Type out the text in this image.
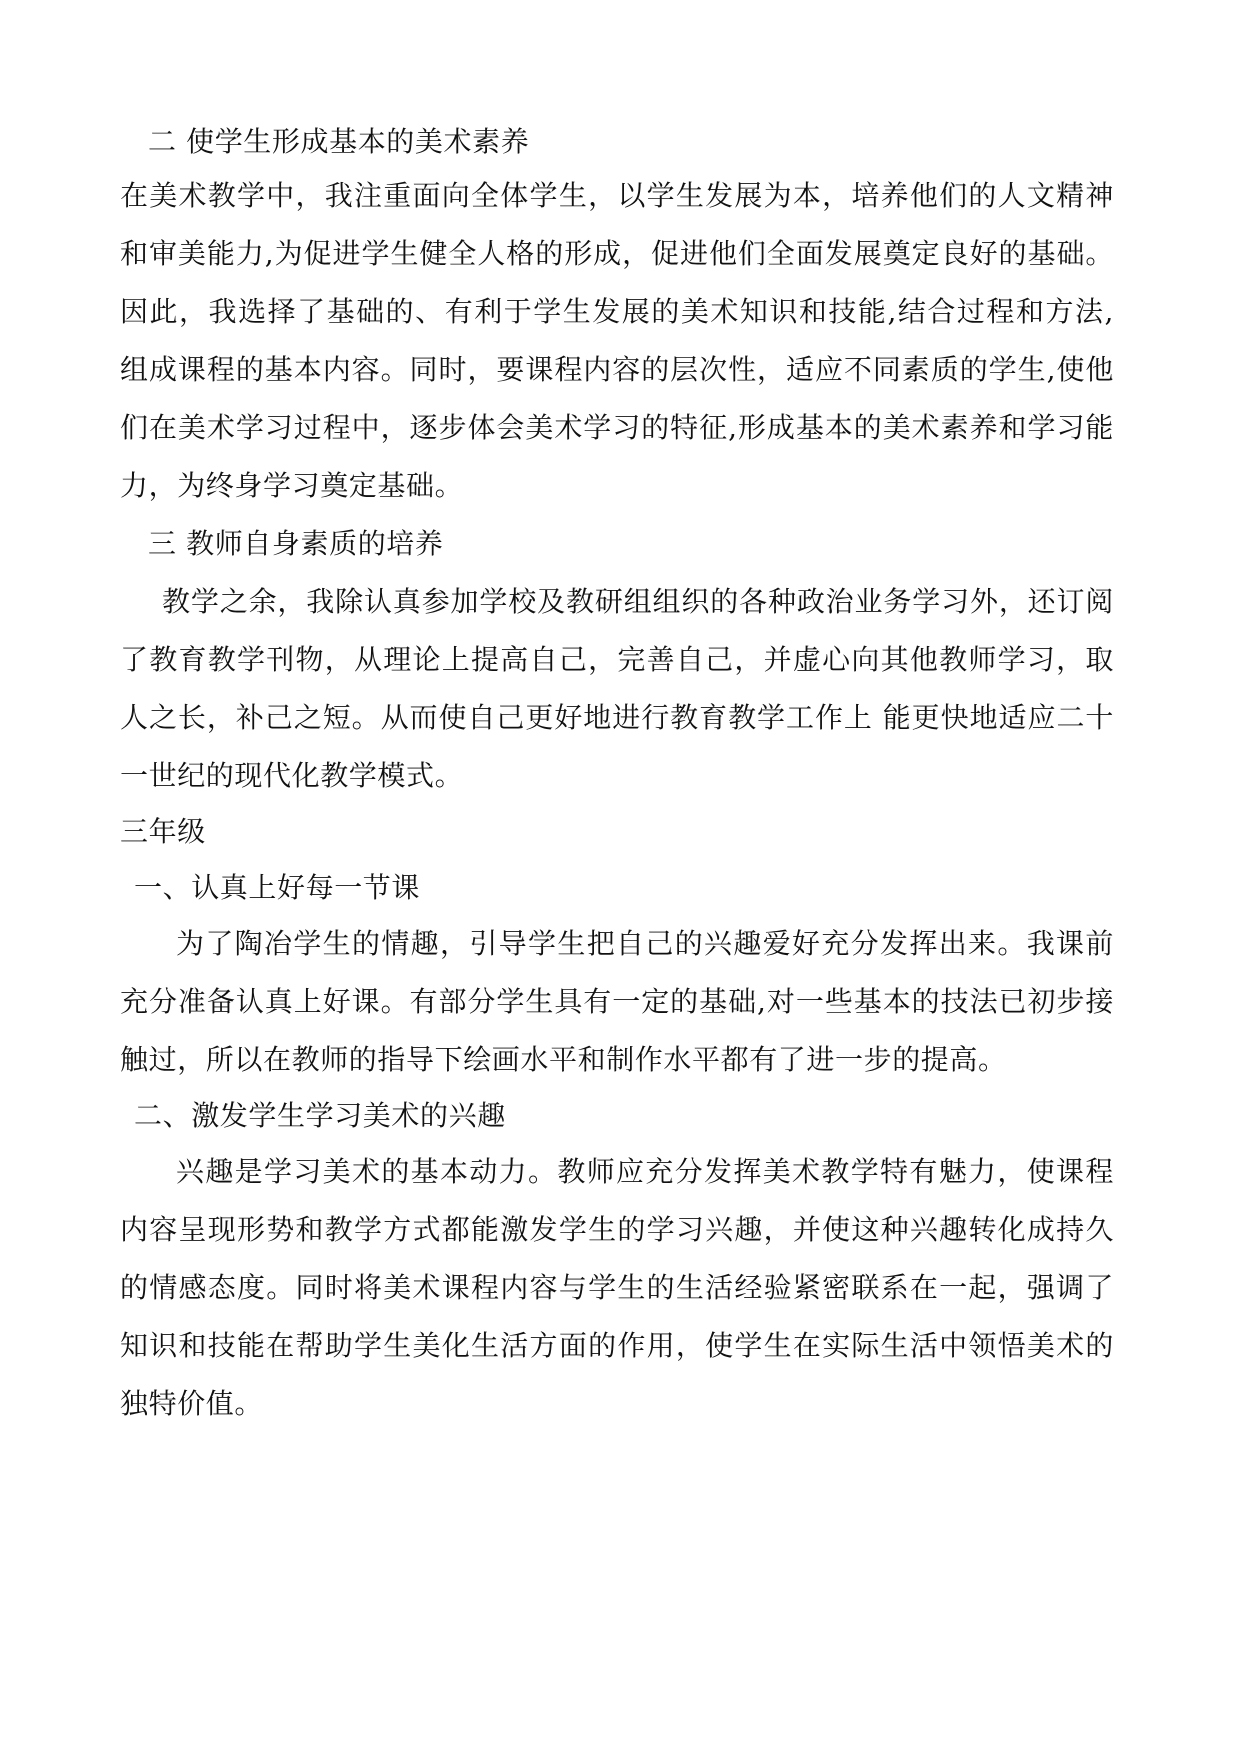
二 使学生形成基本的美术素养
在美术教学中，我注重面向全体学生，以学生发展为本，培养他们的人文精神
和审美能力,为促进学生健全人格的形成，促进他们全面发展奠定良好的基础。
因此，我选择了基础的、有利于学生发展的美术知识和技能,结合过程和方法,
组成课程的基本内容。同时，要课程内容的层次性，适应不同素质的学生,使他
们在美术学习过程中，逐步体会美术学习的特征,形成基本的美术素养和学习能
力，为终身学习奠定基础。
三 教师自身素质的培养
教学之余，我除认真参加学校及教研组组织的各种政治业务学习外，还订阅
了教育教学刊物，从理论上提高自己，完善自己，并虚心向其他教师学习，取
人之长，补己之短。从而使自己更好地进行教育教学工作上 能更快地适应二十
一世纪的现代化教学模式。
三年级
一、认真上好每一节课
为了陶冶学生的情趣，引导学生把自己的兴趣爱好充分发挥出来。我课前
充分准备认真上好课。有部分学生具有一定的基础,对一些基本的技法已初步接
触过，所以在教师的指导下绘画水平和制作水平都有了进一步的提高。
二、激发学生学习美术的兴趣
兴趣是学习美术的基本动力。教师应充分发挥美术教学特有魅力，使课程
内容呈现形势和教学方式都能激发学生的学习兴趣，并使这种兴趣转化成持久
的情感态度。同时将美术课程内容与学生的生活经验紧密联系在一起，强调了
知识和技能在帮助学生美化生活方面的作用，使学生在实际生活中领悟美术的
独特价值。
